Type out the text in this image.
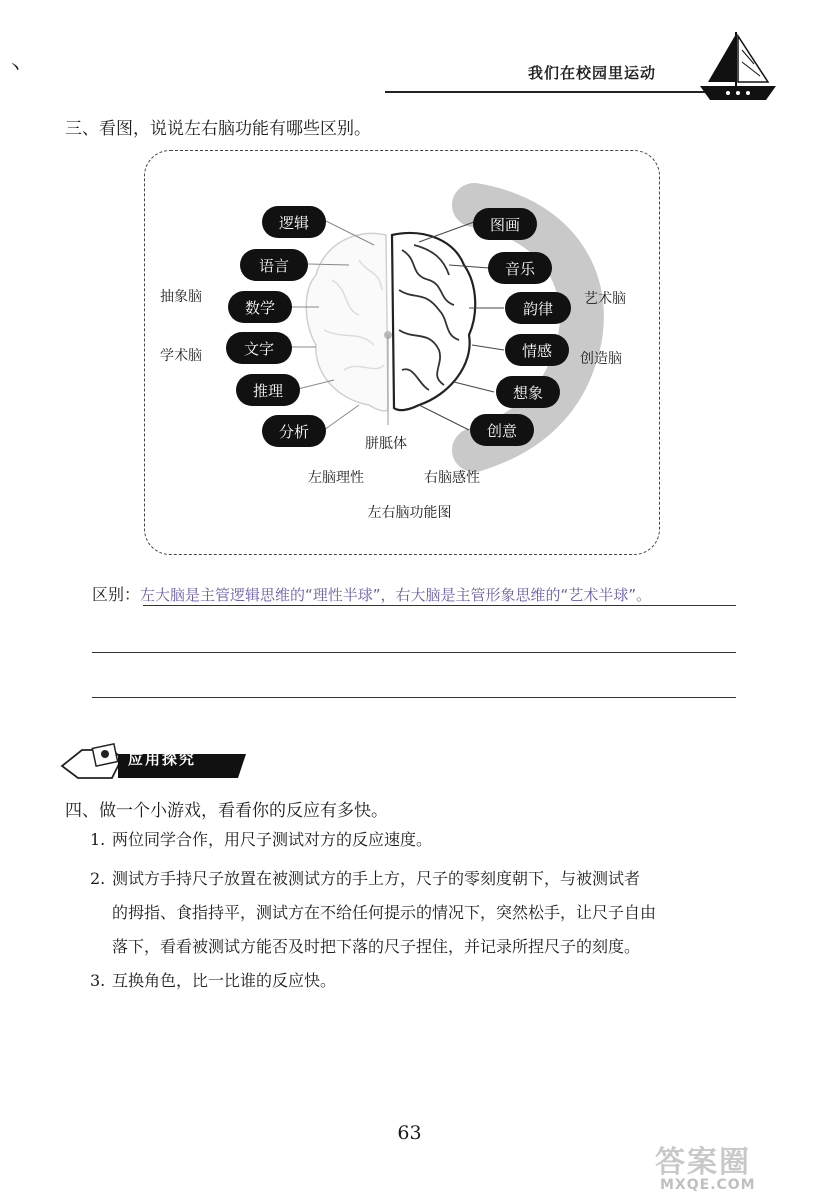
丶	我们在校园里运动
三、看图，说说左右脑功能有哪些区别。
逻辑
语言
数学
文字
推理
分析
图画
音乐
韵律
情感
想象
创意
抽象脑
学术脑
艺术脑
创造脑
胼胝体
左脑理性	右脑感性
左右脑功能图
区别：左大脑是主管逻辑思维的“理性半球”，右大脑是主管形象思维的“艺术半球”。
应用探究
四、做一个小游戏，看看你的反应有多快。
1. 两位同学合作，用尺子测试对方的反应速度。
2. 测试方手持尺子放置在被测试方的手上方，尺子的零刻度朝下，与被测试者
的拇指、食指持平，测试方在不给任何提示的情况下，突然松手，让尺子自由
落下，看看被测试方能否及时把下落的尺子捏住，并记录所捏尺子的刻度。
3. 互换角色，比一比谁的反应快。
63
答案圈
MXQE.COM
